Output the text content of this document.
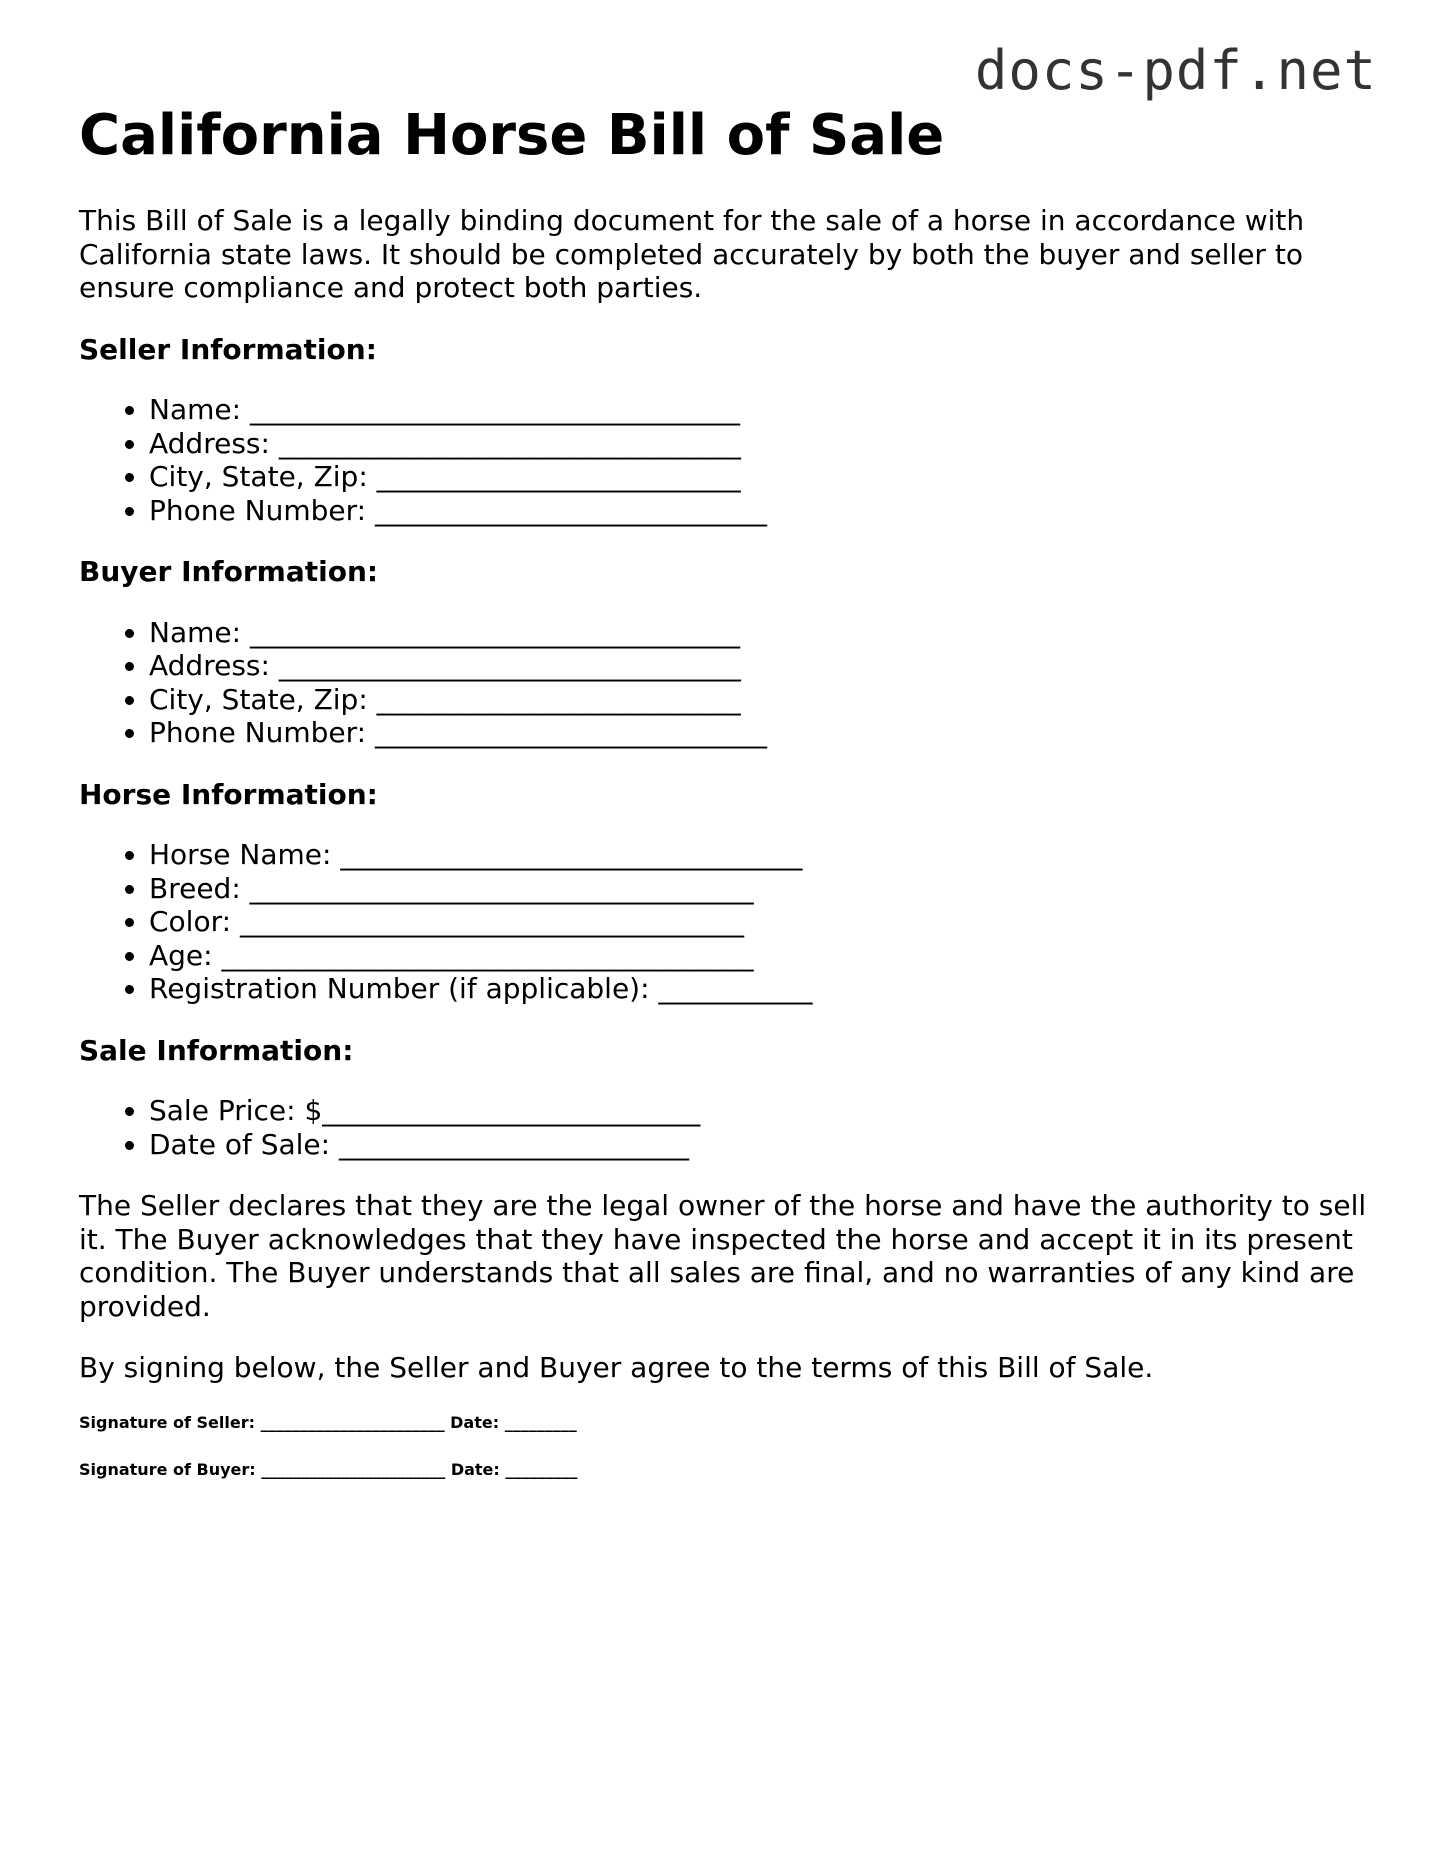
docs-pdf.net
California Horse Bill of Sale

This Bill of Sale is a legally binding document for the sale of a horse in accordance with California state laws. It should be completed accurately by both the buyer and seller to ensure compliance and protect both parties.

Seller Information:
• Name: ___________________________________
• Address: _________________________________
• City, State, Zip: __________________________
• Phone Number: ____________________________
Buyer Information:
• Name: ___________________________________
• Address: _________________________________
• City, State, Zip: __________________________
• Phone Number: ____________________________
Horse Information:
• Horse Name: _________________________________
• Breed: ____________________________________
• Color: ____________________________________
• Age: ______________________________________
• Registration Number (if applicable): ___________
Sale Information:
• Sale Price: $___________________________
• Date of Sale: _________________________

The Seller declares that they are the legal owner of the horse and have the authority to sell it. The Buyer acknowledges that they have inspected the horse and accept it in its present condition. The Buyer understands that all sales are final, and no warranties of any kind are provided.

By signing below, the Seller and Buyer agree to the terms of this Bill of Sale.

Signature of Seller: _______________________ Date: _________
Signature of Buyer: _______________________ Date: _________
